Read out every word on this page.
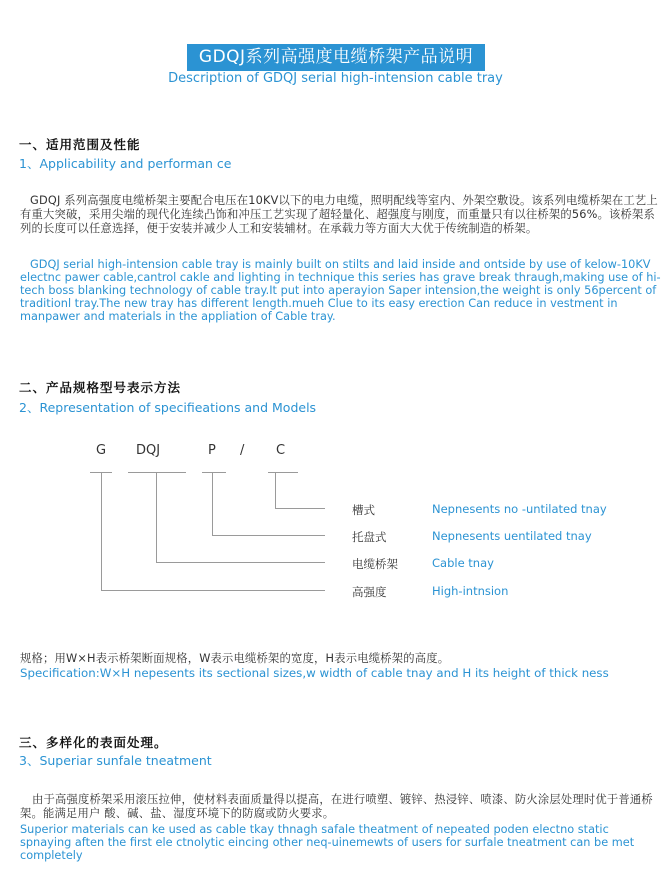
GDQJ系列高强度电缆桥架产品说明
Description of GDQJ serial high-intension cable tray
一、适用范围及性能
1、Applicability and performan ce
GDQJ 系列高强度电缆桥架主要配合电压在10KV以下的电力电缆，照明配线等室内、外架空敷设。该系列电缆桥架在工艺上有重大突破，采用尖端的现代化连续凸饰和冲压工艺实现了超轻量化、超强度与刚度，而重量只有以往桥架的56%。该桥架系列的长度可以任意选择，便于安装并减少人工和安装辅材。在承载力等方面大大优于传统制造的桥架。
GDQJ serial high-intension cable tray is mainly built on stilts and laid inside and ontside by use of kelow-10KV electnc pawer cable,cantrol cakle and lighting in technique this series has grave break thraugh,making use of hi-tech boss blanking technology of cable tray.It put into aperayion Saper intension,the weight is only 56percent of traditionl tray.The new tray has different length.mueh Clue to its easy erection Can reduce in vestment in manpawer and materials in the appliation of Cable tray.
二、产品规格型号表示方法
2、Representation of specifieations and Models
G DQJ	P / C
槽式	Nepnesents no -untilated tnay
托盘式	Nepnesents uentilated tnay
电缆桥架	Cable tnay
高强度	High-intnsion
规格；用W×H表示桥架断面规格，W表示电缆桥架的宽度，H表示电缆桥架的高度。
Specification:W×H nepesents its sectional sizes,w width of cable tnay and H its height of thick ness
三、多样化的表面处理。
3、Superiar sunfale tneatment
由于高强度桥架采用滚压拉伸，使材料表面质量得以提高，在进行喷塑、镀锌、热浸锌、喷漆、防火涂层处理时优于普通桥架。能满足用户 酸、碱、盐、湿度环境下的防腐或防火要求。
Superior materials can ke used as cable tkay thnagh safale theatment of nepeated poden electno static spnaying aften the first ele ctnolytic eincing other neq-uinemewts of users for surfale tneatment can be met completely
